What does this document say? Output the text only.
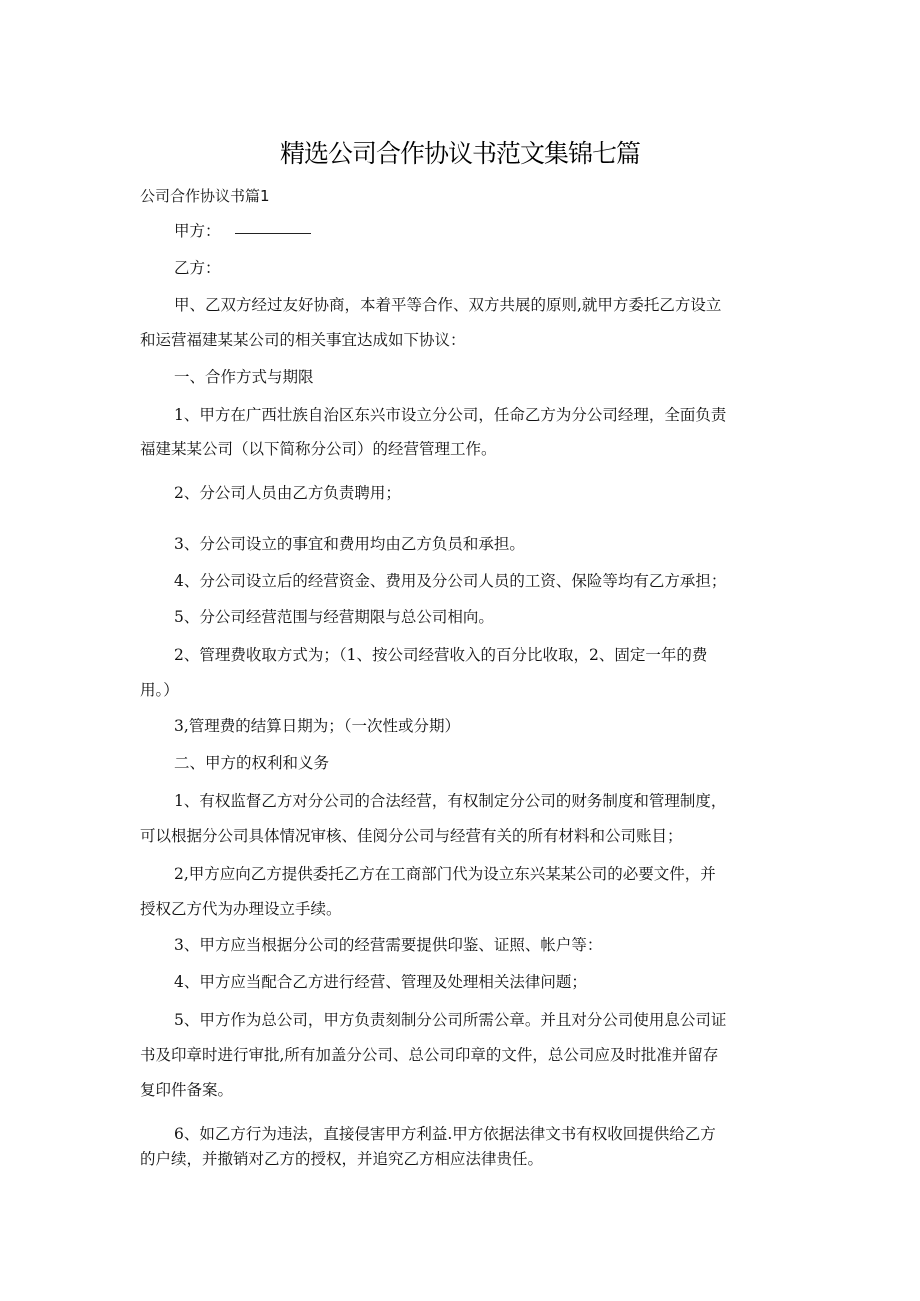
精选公司合作协议书范文集锦七篇
公司合作协议书篇1
甲方：
乙方：
甲、乙双方经过友好协商，本着平等合作、双方共展的原则,就甲方委托乙方设立
和运营福建某某公司的相关事宜达成如下协议：
一、合作方式与期限
1、甲方在广西壮族自治区东兴市设立分公司，任命乙方为分公司经理，全面负责
福建某某公司（以下简称分公司）的经营管理工作。
2、分公司人员由乙方负责聘用；
3、分公司设立的事宜和费用均由乙方负员和承担。
4、分公司设立后的经营资金、费用及分公司人员的工资、保险等均有乙方承担；
5、分公司经营范围与经营期限与总公司相向。
2、管理费收取方式为；（1、按公司经营收入的百分比收取，2、固定一年的费
用。）
3,管理费的结算日期为；（一次性或分期）
二、甲方的权利和义务
1、有权监督乙方对分公司的合法经营，有权制定分公司的财务制度和管理制度，
可以根据分公司具体情况审核、佳阅分公司与经营有关的所有材料和公司账目；
2,甲方应向乙方提供委托乙方在工商部门代为设立东兴某某公司的必要文件，并
授权乙方代为办理设立手续。
3、甲方应当根据分公司的经营需要提供印鉴、证照、帐户等：
4、甲方应当配合乙方进行经营、管理及处理相关法律问题；
5、甲方作为总公司，甲方负责刻制分公司所需公章。并且对分公司使用息公司证
书及印章时进行审批,所有加盖分公司、总公司印章的文件，总公司应及时批准并留存
复印件备案。
6、如乙方行为违法，直接侵害甲方利益.甲方依据法律文书有权收回提供给乙方
的户续，并撤销对乙方的授权，并追究乙方相应法律贵任。
